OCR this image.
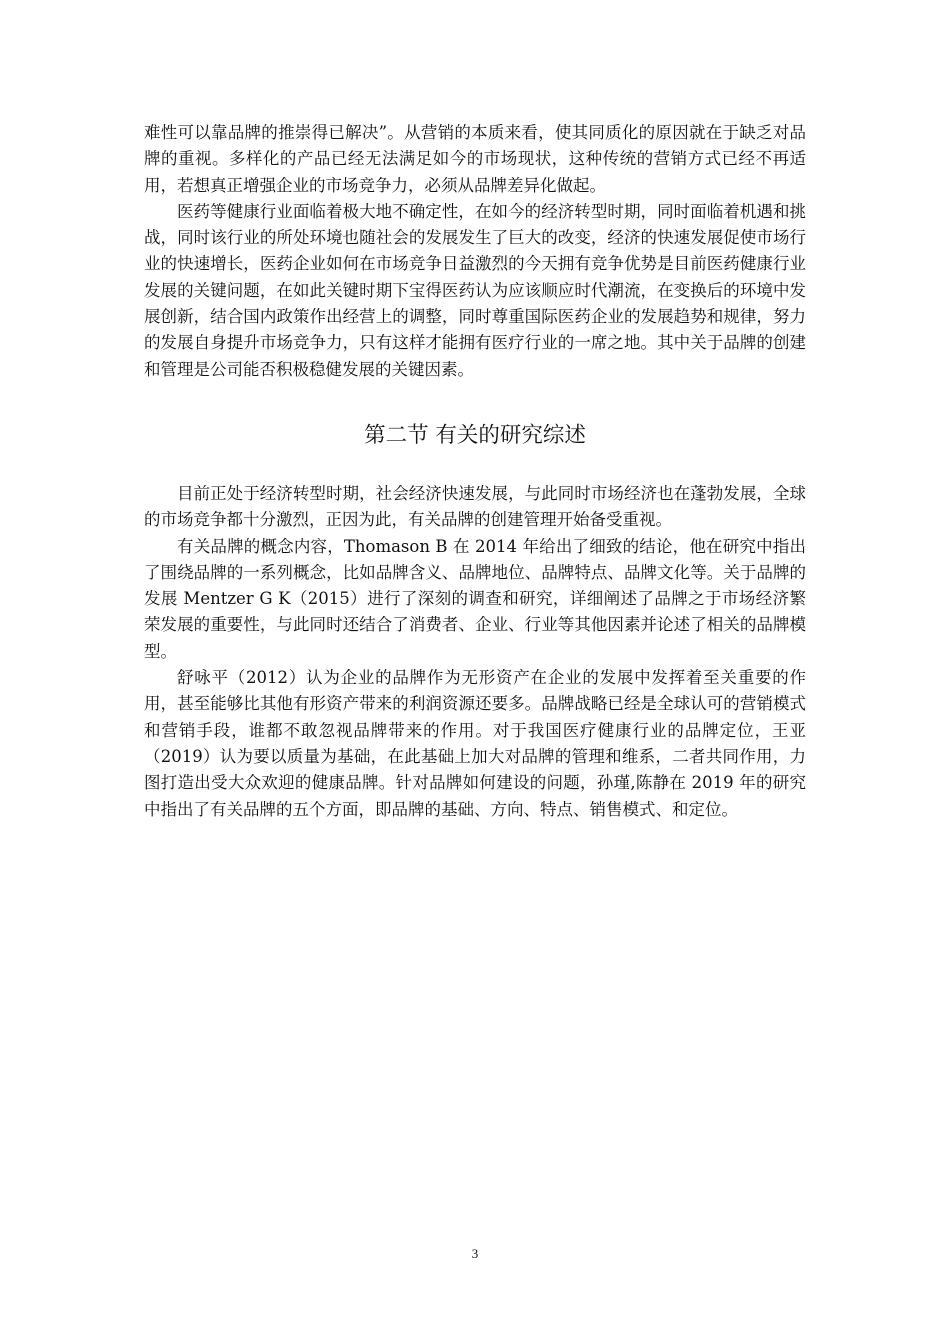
难性可以靠品牌的推崇得已解决”。从营销的本质来看，使其同质化的原因就在于缺乏对品牌的重视。多样化的产品已经无法满足如今的市场现状，这种传统的营销方式已经不再适用，若想真正增强企业的市场竞争力，必须从品牌差异化做起。

医药等健康行业面临着极大地不确定性，在如今的经济转型时期，同时面临着机遇和挑战，同时该行业的所处环境也随社会的发展发生了巨大的改变，经济的快速发展促使市场行业的快速增长，医药企业如何在市场竞争日益激烈的今天拥有竞争优势是目前医药健康行业发展的关键问题，在如此关键时期下宝得医药认为应该顺应时代潮流，在变换后的环境中发展创新，结合国内政策作出经营上的调整，同时尊重国际医药企业的发展趋势和规律，努力的发展自身提升市场竞争力，只有这样才能拥有医疗行业的一席之地。其中关于品牌的创建和管理是公司能否积极稳健发展的关键因素。

第二节 有关的研究综述

目前正处于经济转型时期，社会经济快速发展，与此同时市场经济也在蓬勃发展，全球的市场竞争都十分激烈，正因为此，有关品牌的创建管理开始备受重视。

有关品牌的概念内容，Thomason B 在 2014 年给出了细致的结论，他在研究中指出了围绕品牌的一系列概念，比如品牌含义、品牌地位、品牌特点、品牌文化等。关于品牌的发展 Mentzer G K（2015）进行了深刻的调查和研究，详细阐述了品牌之于市场经济繁荣发展的重要性，与此同时还结合了消费者、企业、行业等其他因素并论述了相关的品牌模型。

舒咏平（2012）认为企业的品牌作为无形资产在企业的发展中发挥着至关重要的作用，甚至能够比其他有形资产带来的利润资源还要多。品牌战略已经是全球认可的营销模式和营销手段，谁都不敢忽视品牌带来的作用。对于我国医疗健康行业的品牌定位，王亚（2019）认为要以质量为基础，在此基础上加大对品牌的管理和维系，二者共同作用，力图打造出受大众欢迎的健康品牌。针对品牌如何建设的问题，孙瑾,陈静在 2019 年的研究中指出了有关品牌的五个方面，即品牌的基础、方向、特点、销售模式、和定位。

3
